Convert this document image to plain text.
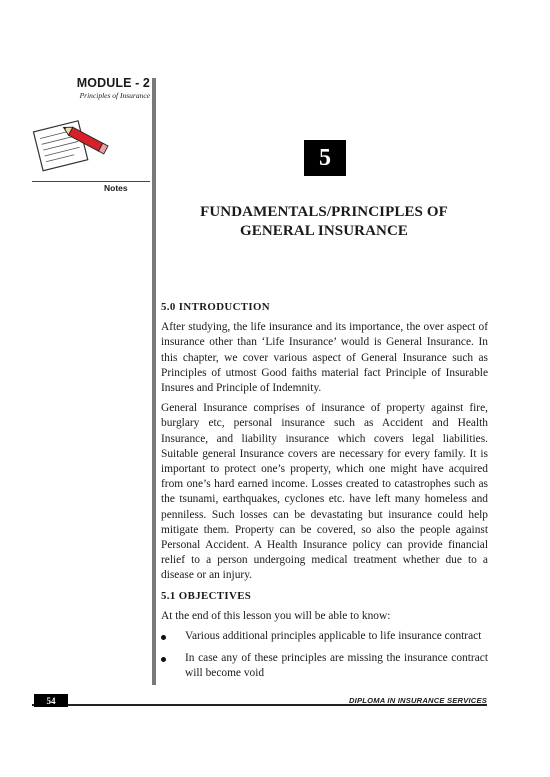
MODULE - 2
Principles of Insurance
Notes
5
FUNDAMENTALS/PRINCIPLES OF
GENERAL INSURANCE
5.0 INTRODUCTION

After studying, the life insurance and its importance, the over aspect of insurance other than ‘Life Insurance’ would is General Insurance. In this chapter, we cover various aspect of General Insurance such as Principles of utmost Good faiths material fact Principle of Insurable Insures and Principle of Indemnity.

General Insurance comprises of insurance of property against fire, burglary etc, personal insurance such as Accident and Health Insurance, and liability insurance which covers legal liabilities. Suitable general Insurance covers are necessary for every family. It is important to protect one’s property, which one might have acquired from one’s hard earned income. Losses created to catastrophes such as the tsunami, earthquakes, cyclones etc. have left many homeless and penniless. Such losses can be devastating but insurance could help mitigate them. Property can be covered, so also the people against Personal Accident. A Health Insurance policy can provide financial relief to a person undergoing medical treatment whether due to a disease or an injury.

5.1 OBJECTIVES

At the end of this lesson you will be able to know:

Various additional principles applicable to life insurance contract
In case any of these principles are missing the insurance contract will become void
54	DIPLOMA IN INSURANCE SERVICES
